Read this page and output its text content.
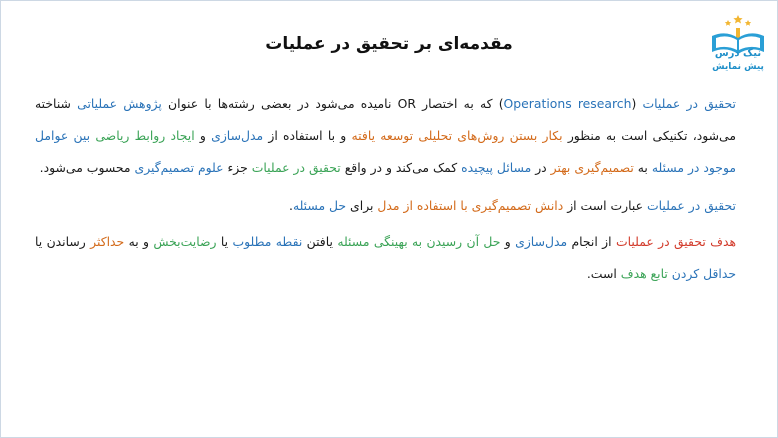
مقدمه‌ای بر تحقیق در عملیات	نیک درس
پیش نمایش

تحقیق در عملیات (Operations research) که به اختصار OR نامیده می‌شود در بعضی رشته‌ها با عنوان پژوهش عملیاتی شناخته می‌شود، تکنیکی است به منظور بکار بستن روش‌های تحلیلی توسعه یافته و با استفاده از مدل‌سازی و ایجاد روابط ریاضی بین عوامل موجود در مسئله به تصمیم‌گیری بهتر در مسائل پیچیده کمک می‌کند و در واقع تحقیق در عملیات جزء علوم تصمیم‌گیری محسوب می‌شود.

تحقیق در عملیات عبارت است از دانش تصمیم‌گیری با استفاده از مدل برای حل مسئله.

هدف تحقیق در عملیات از انجام مدل‌سازی و حل آن رسیدن به بهینگی مسئله یافتن نقطه مطلوب یا رضایت‌بخش و به حداکثر رساندن یا حداقل کردن تابع هدف است.
